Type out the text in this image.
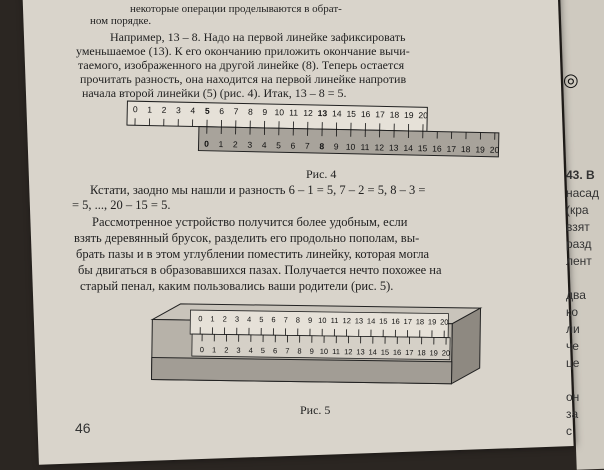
некоторые операции проделываются в обрат-
ном порядке.
Например, 13 – 8. Надо на первой линейке зафиксировать
уменьшаемое (13). К его окончанию приложить окончание вычи-
таемого, изображенного на другой линейке (8). Теперь остается
прочитать разность, она находится на первой линейке напротив
начала второй линейки (5) (рис. 4). Итак, 13 – 8 = 5.
0 1 2 3 4 5 6 7 8 9 10 11 12 13 14 15 16 17 18 19 20
0 1 2 3 4 5 6 7 8 9 10 11 12 13 14 15 16 17 18 19 20
Рис. 4
Кстати, заодно мы нашли и разность 6 – 1 = 5, 7 – 2 = 5, 8 – 3 =
= 5, ..., 20 – 15 = 5.
Рассмотренное устройство получится более удобным, если
взять деревянный брусок, разделить его продольно пополам, вы-
брать пазы и в этом углублении поместить линейку, которая могла
бы двигаться в образовавшихся пазах. Получается нечто похожее на
старый пенал, каким пользовались ваши родители (рис. 5).
0 1 2 3 4 5 6 7 8 9 10 11 12 13 14 15 16 17 18 19 20
0 1 2 3 4 5 6 7 8 9 10 11 12 13 14 15 16 17 18 19 20
Рис. 5
46
43. В
насад
(кра
взят
разд
лент
два
ко
ли
че
це
он
за
с
◎
